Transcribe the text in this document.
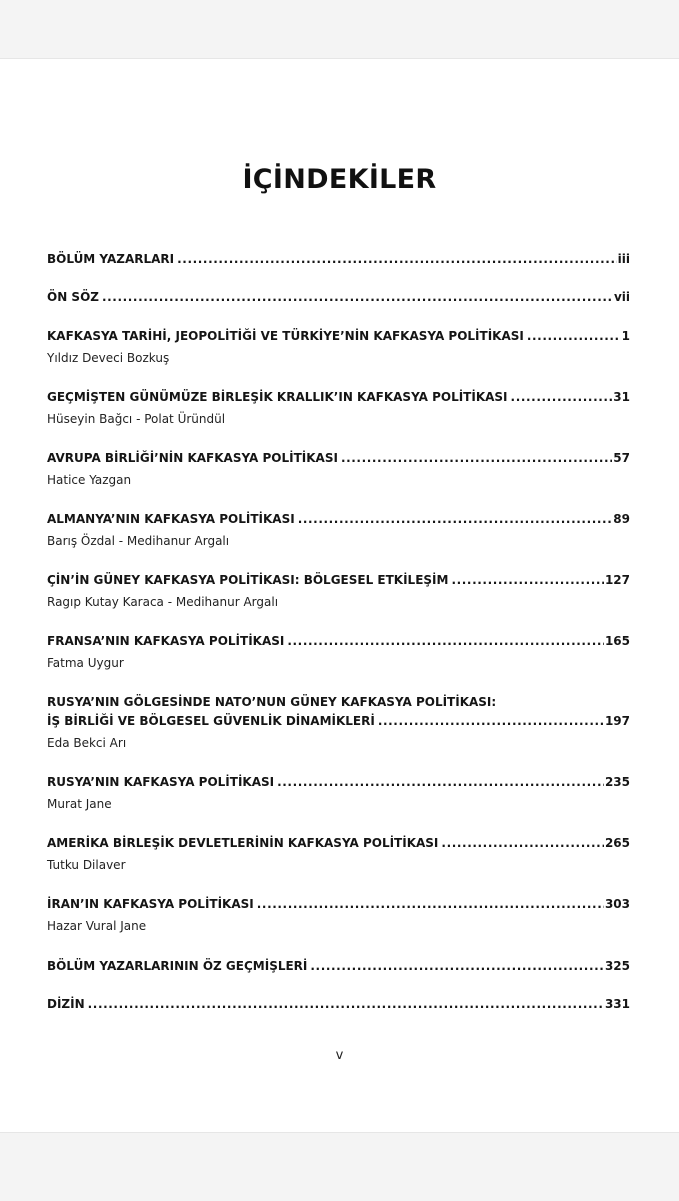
İÇİNDEKİLER
BÖLÜM YAZARLARI .....	iii
ÖN SÖZ .....	vii
KAFKASYA TARİHİ, JEOPOLİTİĞİ VE TÜRKİYE’NİN KAFKASYA POLİTİKASI .....	1
Yıldız Deveci Bozkuş
GEÇMİŞTEN GÜNÜMÜZE BİRLEŞİK KRALLIK’IN KAFKASYA POLİTİKASI .....	31
Hüseyin Bağcı - Polat Üründül
AVRUPA BİRLİĞİ’NİN KAFKASYA POLİTİKASI .....	57
Hatice Yazgan
ALMANYA’NIN KAFKASYA POLİTİKASI .....	89
Barış Özdal - Medihanur Argalı
ÇİN’İN GÜNEY KAFKASYA POLİTİKASI: BÖLGESEL ETKİLEŞİM .....	127
Ragıp Kutay Karaca - Medihanur Argalı
FRANSA’NIN KAFKASYA POLİTİKASI .....	165
Fatma Uygur
RUSYA’NIN GÖLGESİNDE NATO’NUN GÜNEY KAFKASYA POLİTİKASI:
İŞ BİRLİĞİ VE BÖLGESEL GÜVENLİK DİNAMİKLERİ .....	197
Eda Bekci Arı
RUSYA’NIN KAFKASYA POLİTİKASI .....	235
Murat Jane
AMERİKA BİRLEŞİK DEVLETLERİNİN KAFKASYA POLİTİKASI .....	265
Tutku Dilaver
İRAN’IN KAFKASYA POLİTİKASI .....	303
Hazar Vural Jane
BÖLÜM YAZARLARININ ÖZ GEÇMİŞLERİ .....	325
DİZİN .....	331
v
